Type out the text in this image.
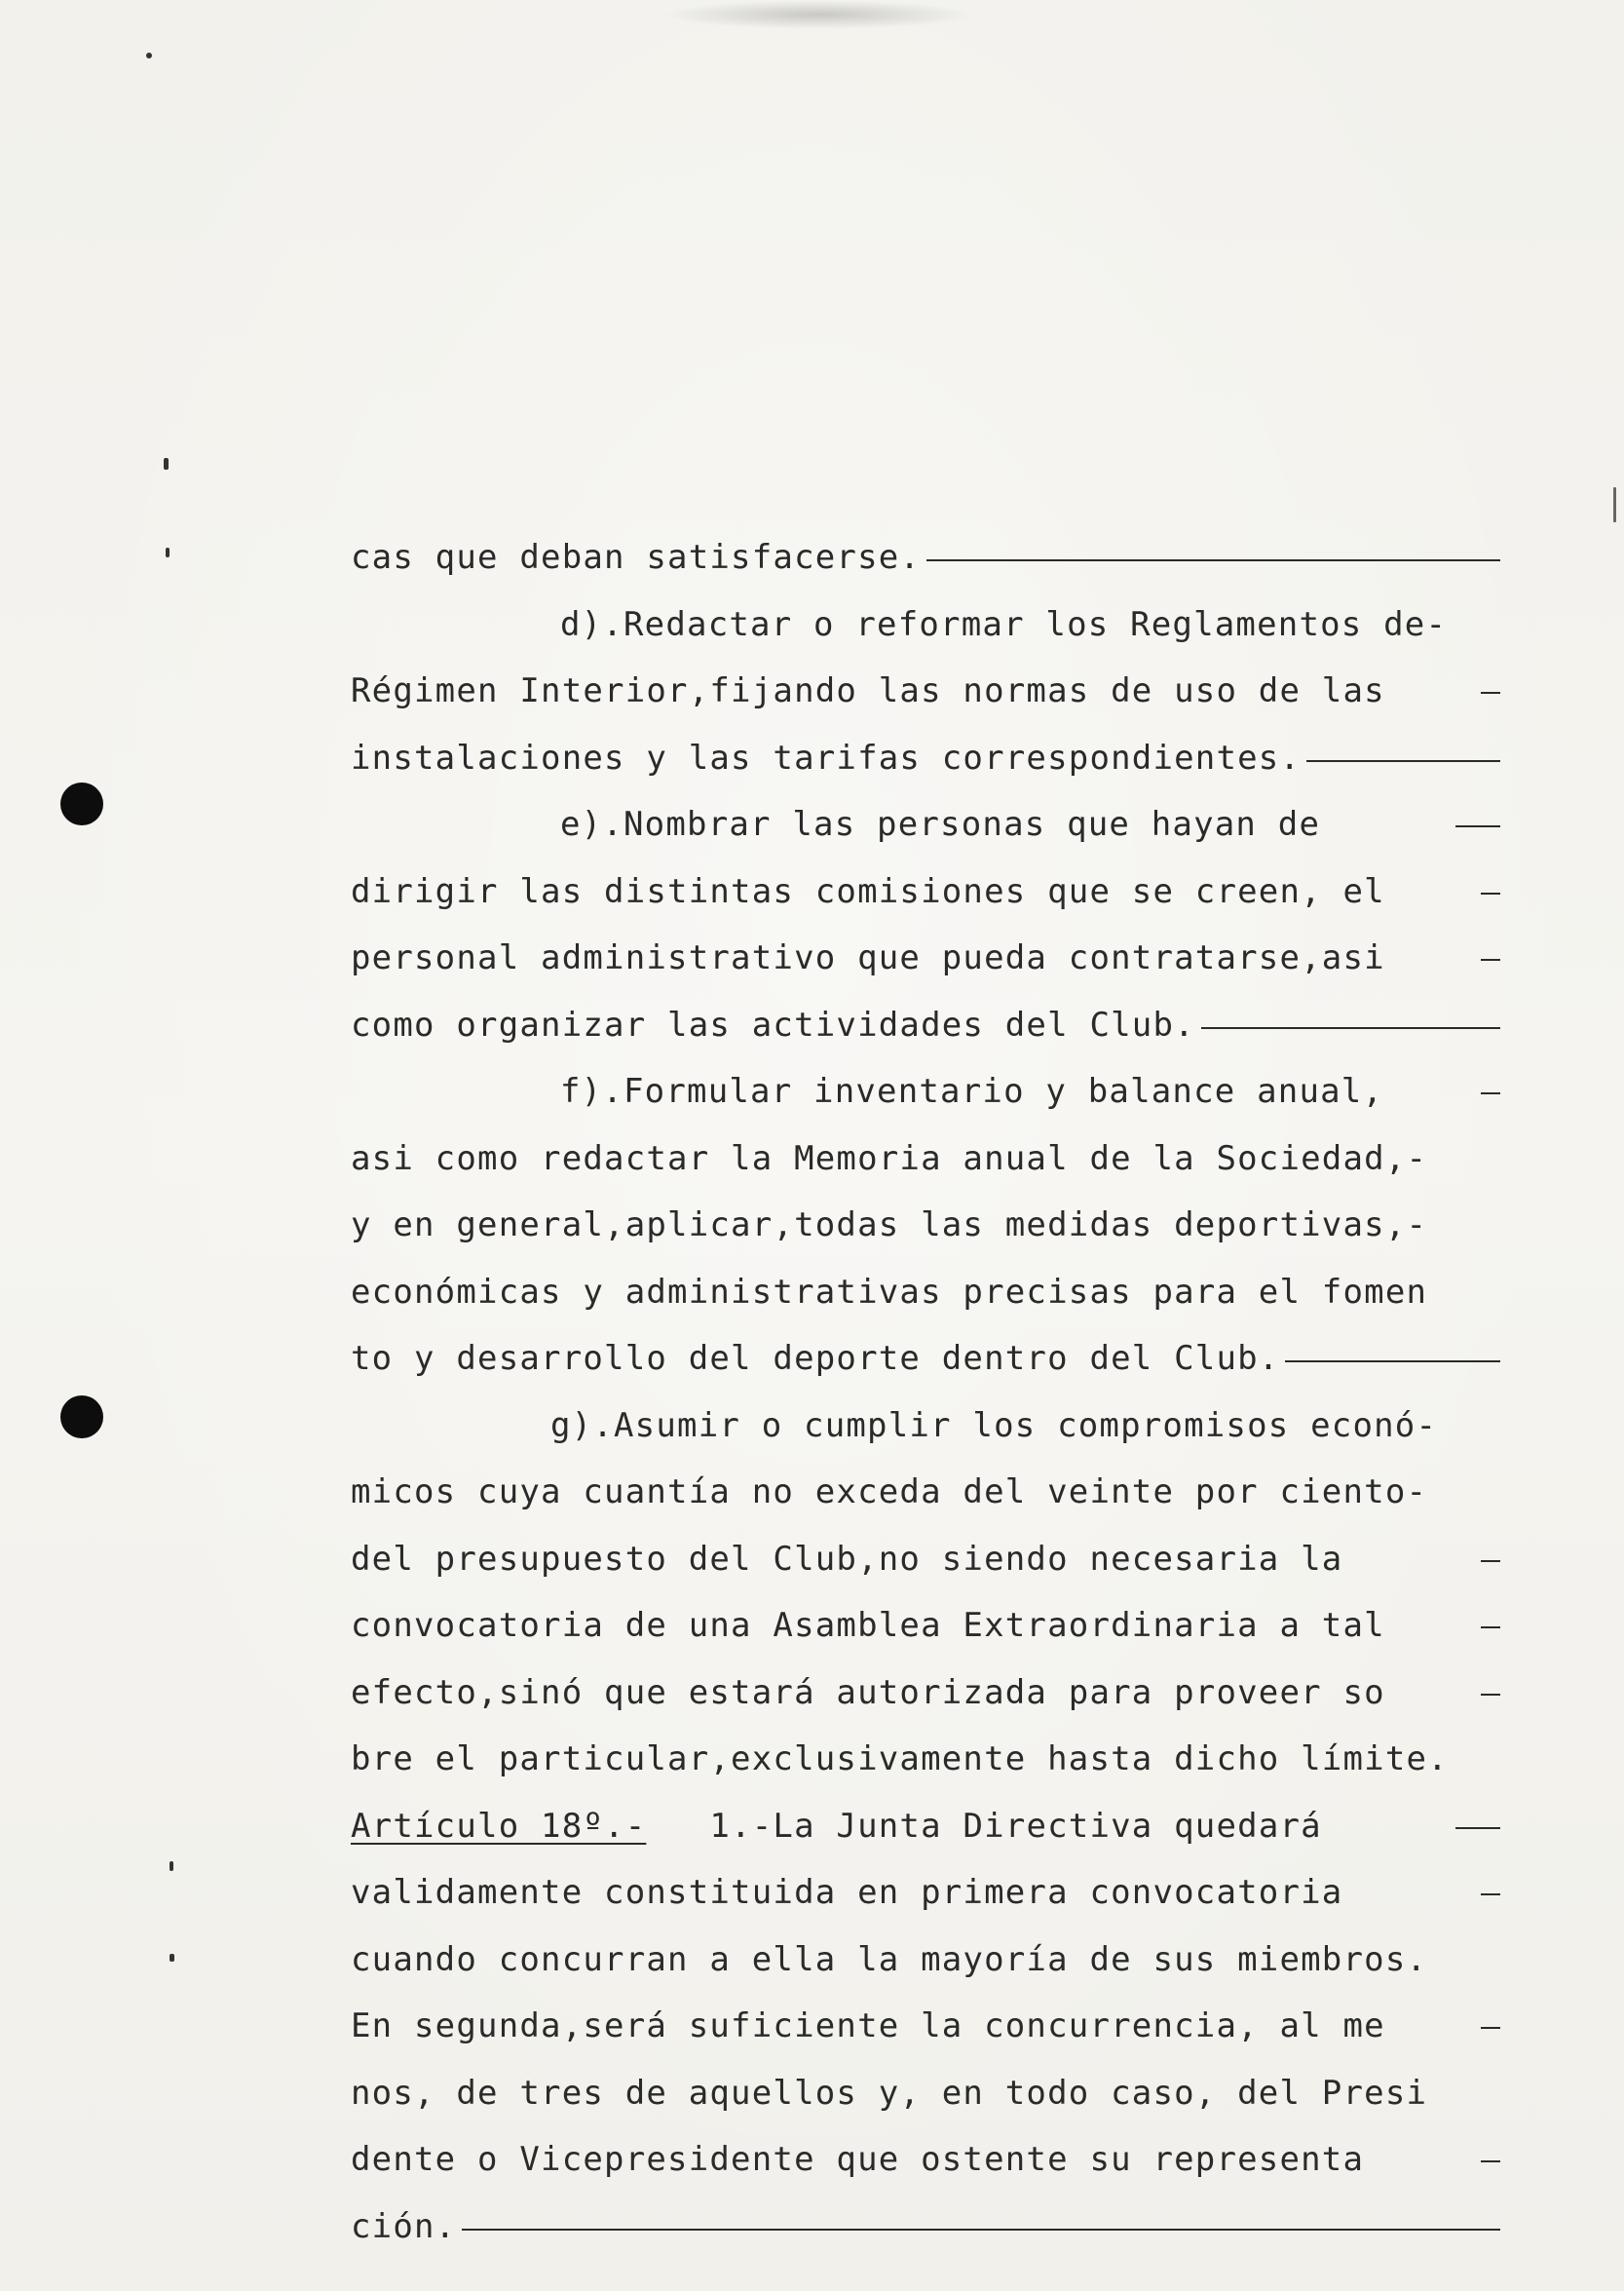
cas que deban satisfacerse.
d).Redactar o reformar los Reglamentos de-
Régimen Interior,fijando las normas de uso de las
instalaciones y las tarifas correspondientes.
e).Nombrar las personas que hayan de
dirigir las distintas comisiones que se creen, el
personal administrativo que pueda contratarse,asi
como organizar las actividades del Club.
f).Formular inventario y balance anual,
asi como redactar la Memoria anual de la Sociedad,-
y en general,aplicar,todas las medidas deportivas,-
económicas y administrativas precisas para el fomen
to y desarrollo del deporte dentro del Club.
g).Asumir o cumplir los compromisos econó-
micos cuya cuantía no exceda del veinte por ciento-
del presupuesto del Club,no siendo necesaria la
convocatoria de una Asamblea Extraordinaria a tal
efecto,sinó que estará autorizada para proveer so
bre el particular,exclusivamente hasta dicho límite.
Artículo 18º.-
1.-La Junta Directiva quedará
validamente constituida en primera convocatoria
cuando concurran a ella la mayoría de sus miembros.
En segunda,será suficiente la concurrencia, al me
nos, de tres de aquellos y, en todo caso, del Presi
dente o Vicepresidente que ostente su representa
ción.
